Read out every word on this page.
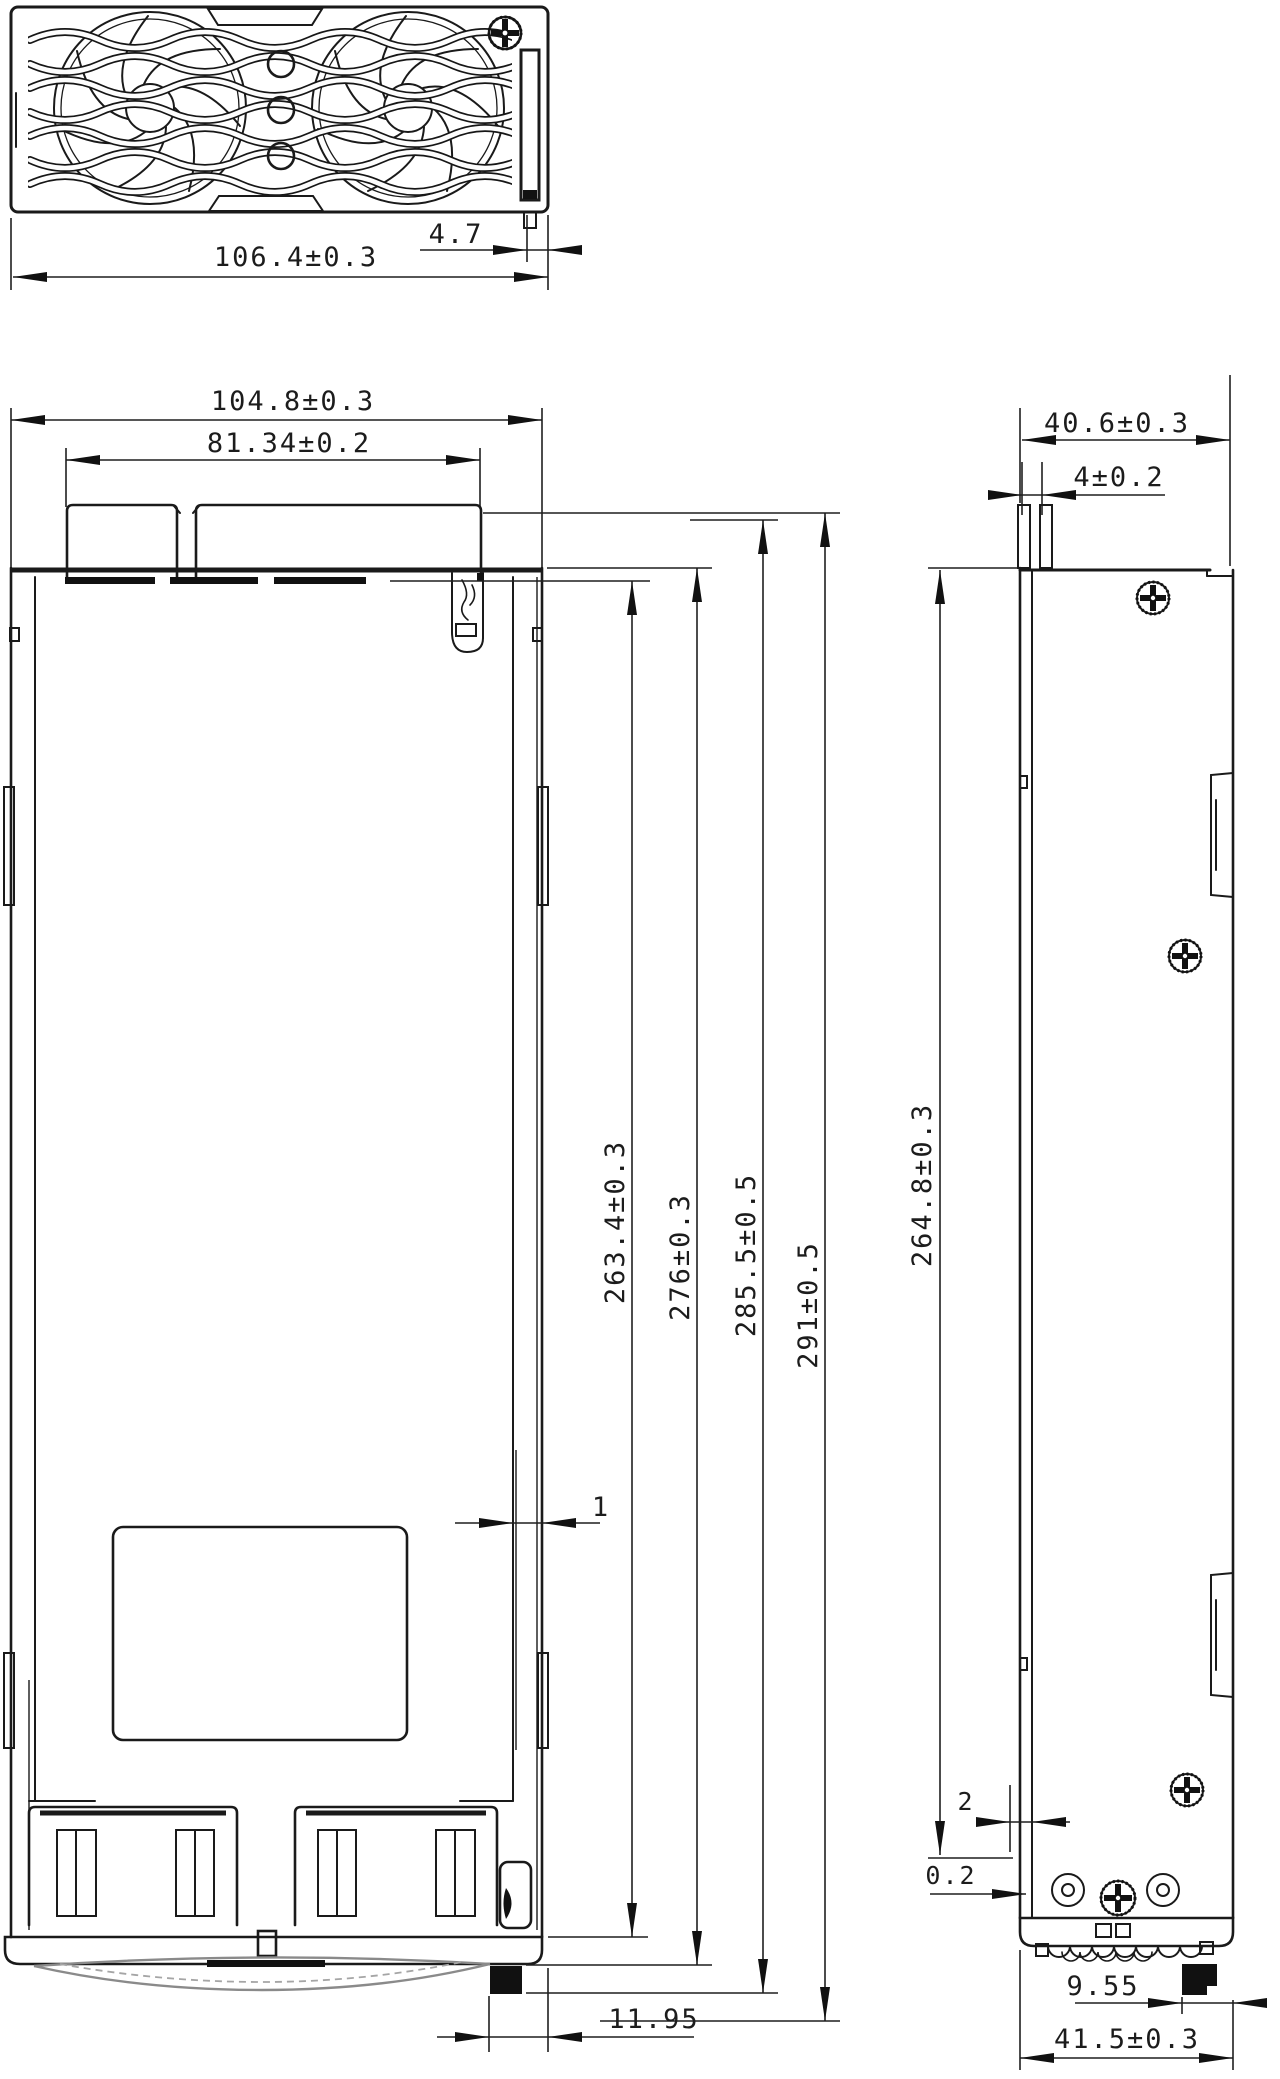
4.7
106.4±0.3
104.8±0.3
81.34±0.2
263.4±0.3 276±0.3 285.5±0.5 291±0.5
1
11.95
40.6±0.3
4±0.2
264.8±0.3
2
0.2
9.55
41.5±0.3
